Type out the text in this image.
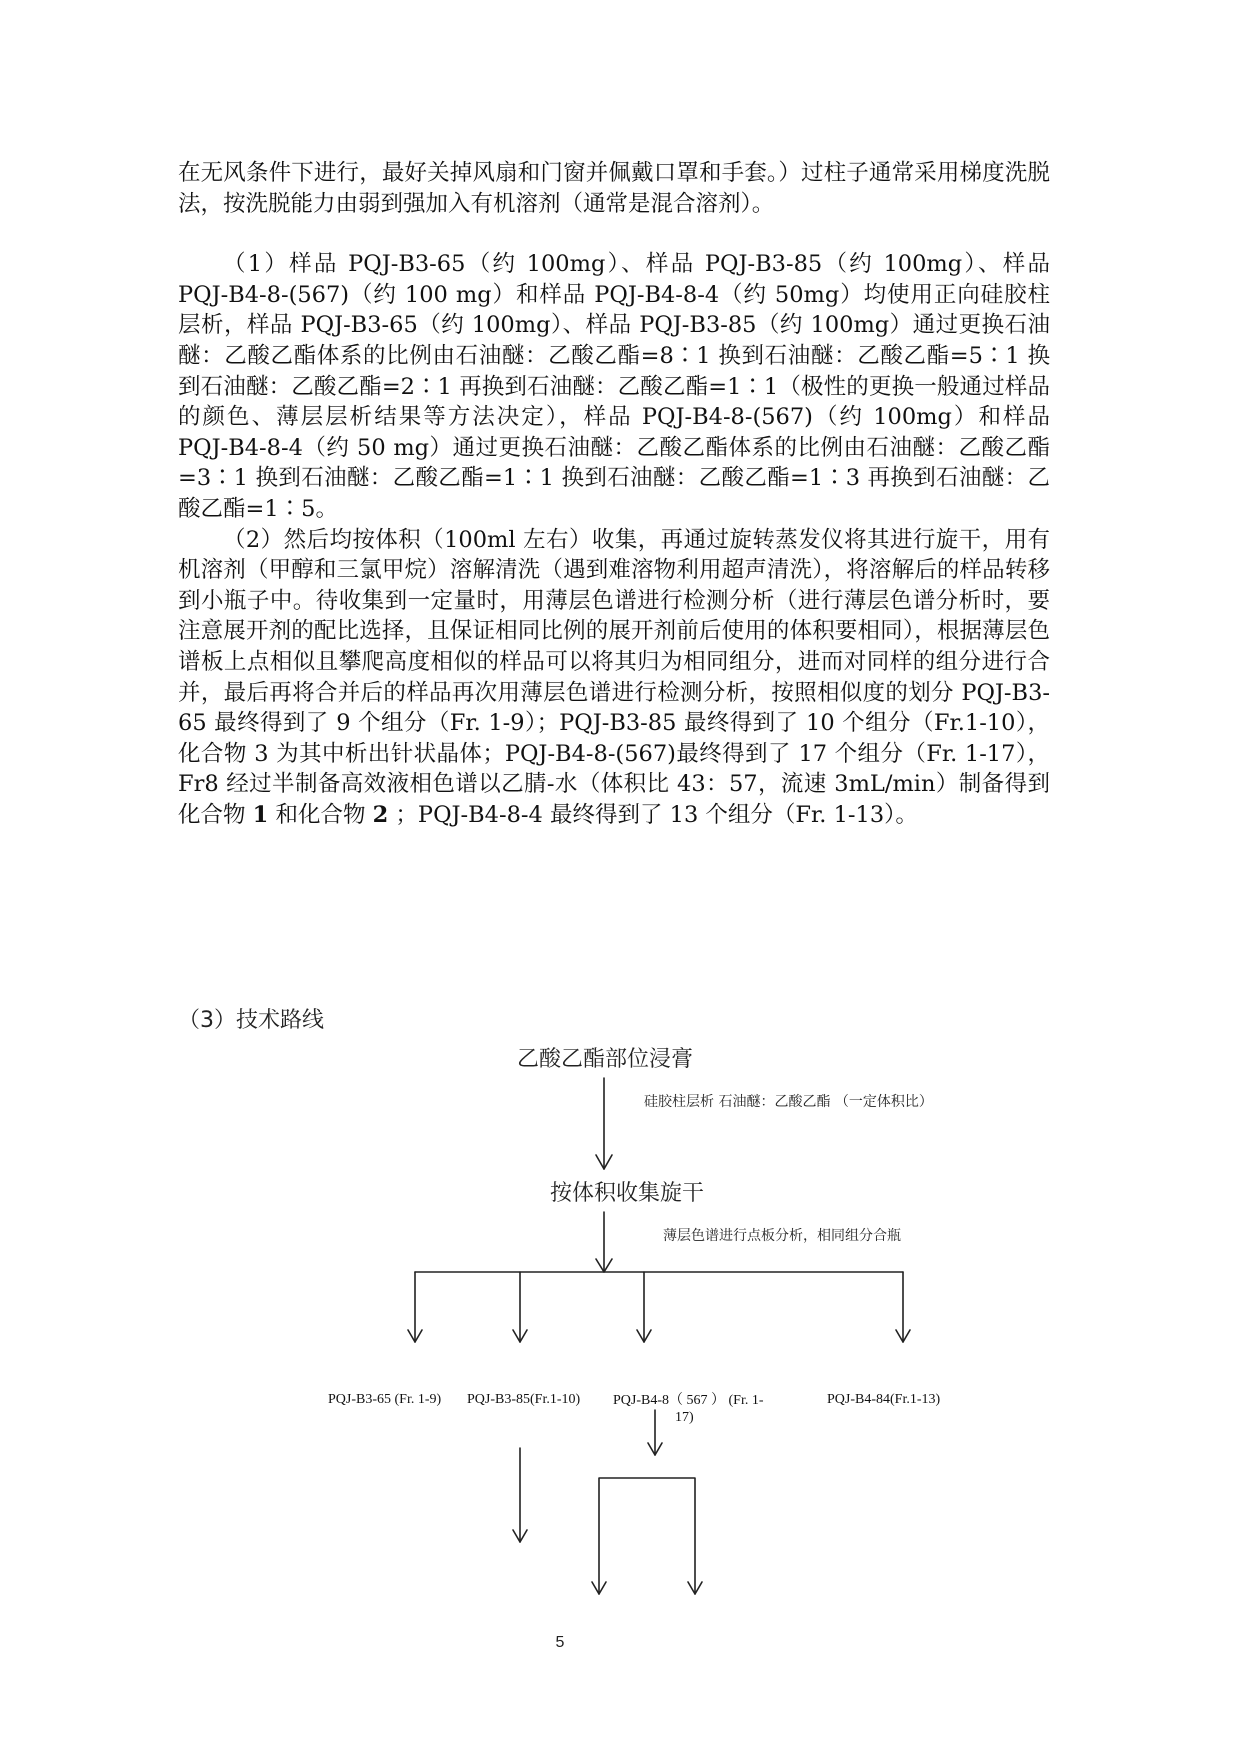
在无风条件下进行，最好关掉风扇和门窗并佩戴口罩和手套。）过柱子通常采用梯度洗脱法，按洗脱能力由弱到强加入有机溶剂（通常是混合溶剂）。

（1）样品 PQJ-B3-65（约 100mg）、样品 PQJ-B3-85（约 100mg）、样品 PQJ-B4-8-(567)（约 100 mg）和样品 PQJ-B4-8-4（约 50mg）均使用正向硅胶柱层析，样品 PQJ-B3-65（约 100mg）、样品 PQJ-B3-85（约 100mg）通过更换石油醚：乙酸乙酯体系的比例由石油醚：乙酸乙酯=8∶1 换到石油醚：乙酸乙酯=5∶1 换到石油醚：乙酸乙酯=2∶1 再换到石油醚：乙酸乙酯=1∶1（极性的更换一般通过样品的颜色、薄层层析结果等方法决定），样品 PQJ-B4-8-(567)（约 100mg）和样品 PQJ-B4-8-4（约 50 mg）通过更换石油醚：乙酸乙酯体系的比例由石油醚：乙酸乙酯=3∶1 换到石油醚：乙酸乙酯=1∶1 换到石油醚：乙酸乙酯=1∶3 再换到石油醚：乙酸乙酯=1∶5。

（2）然后均按体积（100ml 左右）收集，再通过旋转蒸发仪将其进行旋干，用有机溶剂（甲醇和三氯甲烷）溶解清洗（遇到难溶物利用超声清洗），将溶解后的样品转移到小瓶子中。待收集到一定量时，用薄层色谱进行检测分析（进行薄层色谱分析时，要注意展开剂的配比选择，且保证相同比例的展开剂前后使用的体积要相同），根据薄层色谱板上点相似且攀爬高度相似的样品可以将其归为相同组分，进而对同样的组分进行合并，最后再将合并后的样品再次用薄层色谱进行检测分析，按照相似度的划分 PQJ-B3-65 最终得到了 9 个组分（Fr. 1-9）；PQJ-B3-85 最终得到了 10 个组分（Fr.1-10），化合物 3 为其中析出针状晶体；PQJ-B4-8-(567)最终得到了 17 个组分（Fr. 1-17），Fr8 经过半制备高效液相色谱以乙腈-水（体积比 43：57，流速 3mL/min）制备得到化合物 1 和化合物 2 ；PQJ-B4-8-4 最终得到了 13 个组分（Fr. 1-13）。

（3）技术路线
乙酸乙酯部位浸膏
硅胶柱层析 石油醚：乙酸乙酯 （一定体积比）
按体积收集旋干
薄层色谱进行点板分析，相同组分合瓶
PQJ-B3-65 (Fr. 1-9) PQJ-B3-85(Fr.1-10) PQJ-B4-8（ 567 ） (Fr. 1-
17)
PQJ-B4-84(Fr.1-13)
5
